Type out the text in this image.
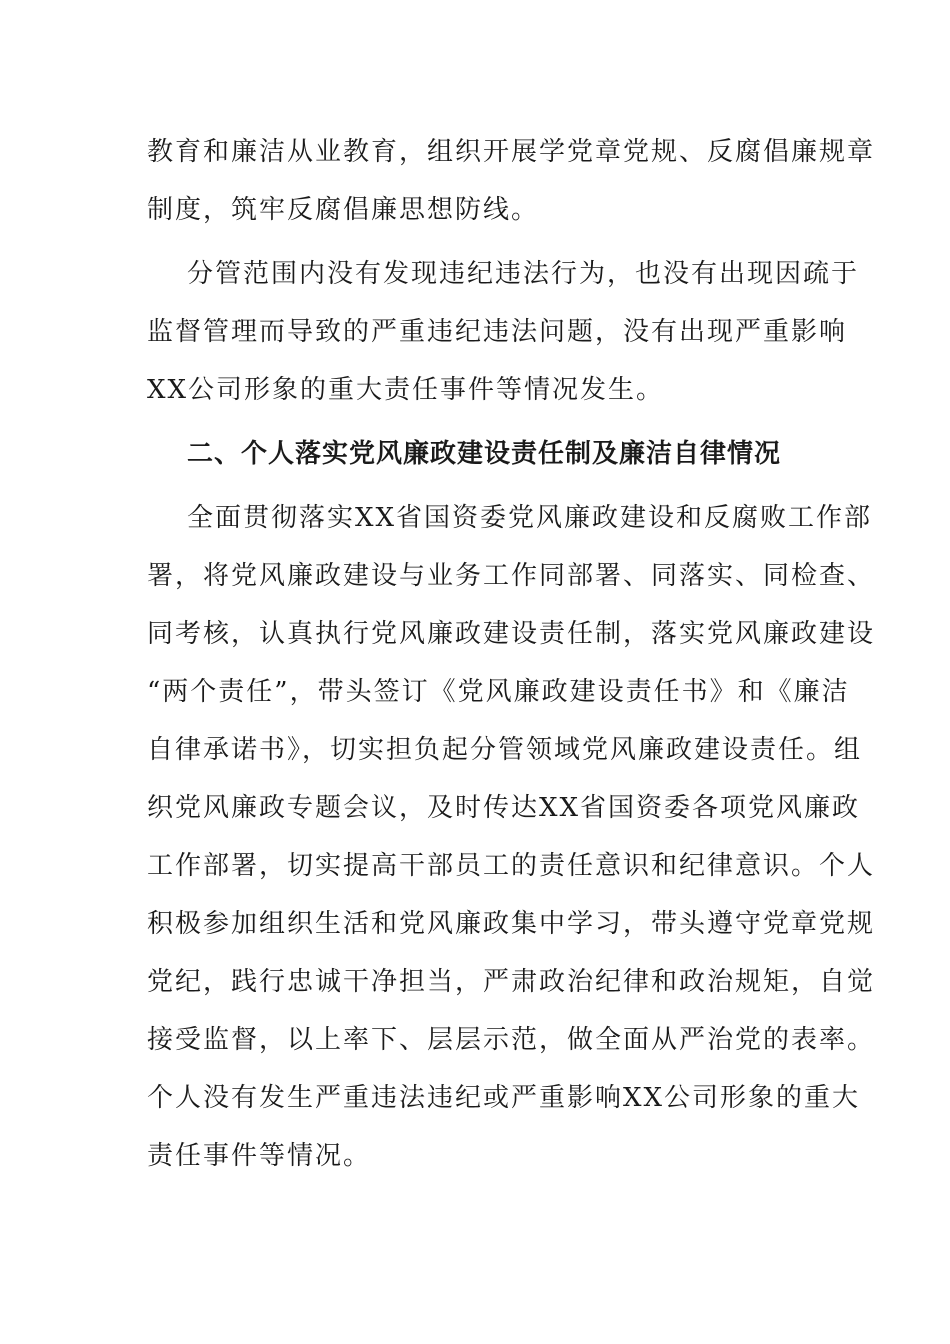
教育和廉洁从业教育，组织开展学党章党规、反腐倡廉规章
制度，筑牢反腐倡廉思想防线。
分管范围内没有发现违纪违法行为，也没有出现因疏于
监督管理而导致的严重违纪违法问题，没有出现严重影响
XX公司形象的重大责任事件等情况发生。
二、个人落实党风廉政建设责任制及廉洁自律情况
全面贯彻落实XX省国资委党风廉政建设和反腐败工作部
署，将党风廉政建设与业务工作同部署、同落实、同检查、
同考核，认真执行党风廉政建设责任制，落实党风廉政建设
“两个责任”，带头签订《党风廉政建设责任书》和《廉洁
自律承诺书》，切实担负起分管领域党风廉政建设责任。组
织党风廉政专题会议，及时传达XX省国资委各项党风廉政
工作部署，切实提高干部员工的责任意识和纪律意识。个人
积极参加组织生活和党风廉政集中学习，带头遵守党章党规
党纪，践行忠诚干净担当，严肃政治纪律和政治规矩，自觉
接受监督，以上率下、层层示范，做全面从严治党的表率。
个人没有发生严重违法违纪或严重影响XX公司形象的重大
责任事件等情况。
